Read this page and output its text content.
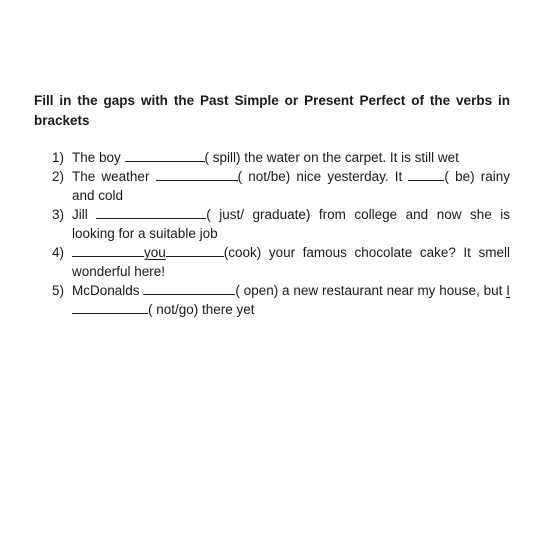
Fill in the gaps with the Past Simple or Present Perfect of the verbs in brackets

1) The boy	( spill) the water on the carpet. It is still wet
2) The weather	( not/be) nice yesterday. It	( be) rainy and cold
3) Jill	( just/ graduate) from college and now she is looking for a suitable job
4)	you	(cook) your famous chocolate cake? It smell wonderful here!
5) McDonalds	( open) a new restaurant near my house, but I( not/go) there yet
